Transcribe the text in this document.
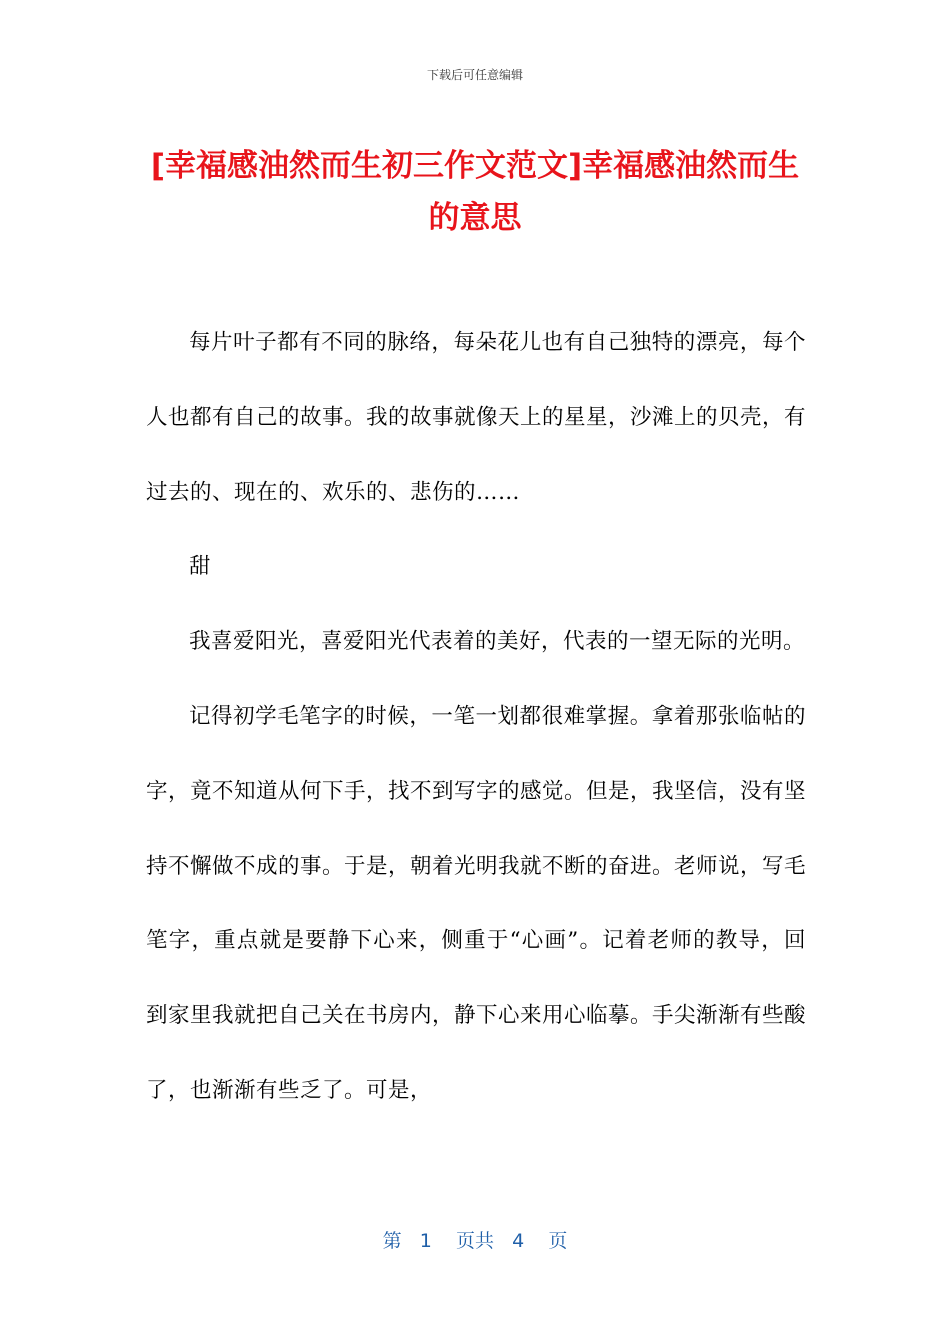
下载后可任意编辑
[幸福感油然而生初三作文范文]幸福感油然而生的意思

每片叶子都有不同的脉络，每朵花儿也有自己独特的漂亮，每个人也都有自己的故事。我的故事就像天上的星星，沙滩上的贝壳，有过去的、现在的、欢乐的、悲伤的……

甜

我喜爱阳光，喜爱阳光代表着的美好，代表的一望无际的光明。

记得初学毛笔字的时候，一笔一划都很难掌握。拿着那张临帖的字，竟不知道从何下手，找不到写字的感觉。但是，我坚信，没有坚持不懈做不成的事。于是，朝着光明我就不断的奋进。老师说，写毛笔字，重点就是要静下心来，侧重于“心画”。记着老师的教导，回到家里我就把自己关在书房内，静下心来用心临摹。手尖渐渐有些酸了，也渐渐有些乏了。可是，

第 1 页共 4 页
